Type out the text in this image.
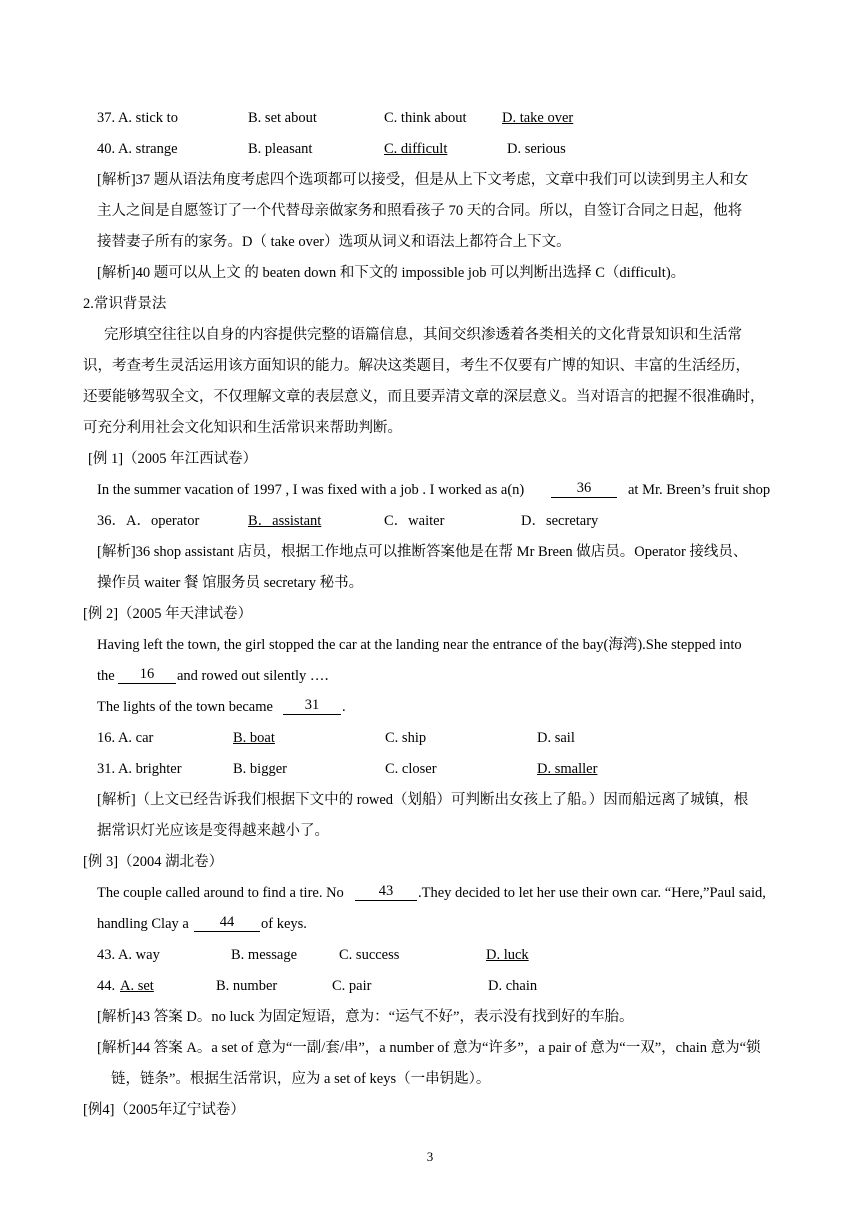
37. A. stick to	B. set about	C. think about D. take over
40. A. strange	B. pleasant	C. difficult	D. serious
[解析]37 题从语法角度考虑四个选项都可以接受，但是从上下文考虑，文章中我们可以读到男主人和女
主人之间是自愿签订了一个代替母亲做家务和照看孩子 70 天的合同。所以，自签订合同之日起，他将
接替妻子所有的家务。D（ take over）选项从词义和语法上都符合上下文。
[解析]40 题可以从上文 的 beaten down 和下文的 impossible job 可以判断出选择 C（difficult)。
2.常识背景法
完形填空往往以自身的内容提供完整的语篇信息，其间交织渗透着各类相关的文化背景知识和生活常
识，考查考生灵活运用该方面知识的能力。解决这类题目，考生不仅要有广博的知识、丰富的生活经历，
还要能够驾驭全文，不仅理解文章的表层意义，而且要弄清文章的深层意义。当对语言的把握不很准确时，
可充分利用社会文化知识和生活常识来帮助判断。
[例 1]（2005 年江西试卷）
In the summer vacation of 1997 , I was fixed with a job . I worked as a(n)	36	at Mr. Breen’s fruit shop
36．A．operator	B．assistant	C．waiter	D．secretary
[解析]36 shop assistant 店员，根据工作地点可以推断答案他是在帮 Mr Breen 做店员。Operator 接线员、
操作员 waiter 餐 馆服务员 secretary 秘书。
[例 2]（2005 年天津试卷）
Having left the town, the girl stopped the car at the landing near the entrance of the bay(海湾).She stepped into
the	16	and rowed out silently …．
The lights of the town became	31	.
16. A. car	B. boat	C. ship	D. sail
31. A. brighter	B. bigger	C. closer	D. smaller
[解析]（上文已经告诉我们根据下文中的 rowed（划船）可判断出女孩上了船。）因而船远离了城镇，根
据常识灯光应该是变得越来越小了。
[例 3]（2004 湖北卷）
The couple called around to find a tire. No	43	.They decided to let her use their own car. “Here,”Paul said,
handling Clay a	44	of keys.
43. A. way	B. message	C. success	D. luck
44. A. set	B. number	C. pair	D. chain
[解析]43 答案 D。no luck 为固定短语，意为：“运气不好”，表示没有找到好的车胎。
[解析]44 答案 A。a set of 意为“一副/套/串”，a number of 意为“许多”，a pair of 意为“一双”，chain 意为“锁
链，链条”。根据生活常识，应为 a set of keys（一串钥匙）。
[例4]（2005年辽宁试卷）
3
